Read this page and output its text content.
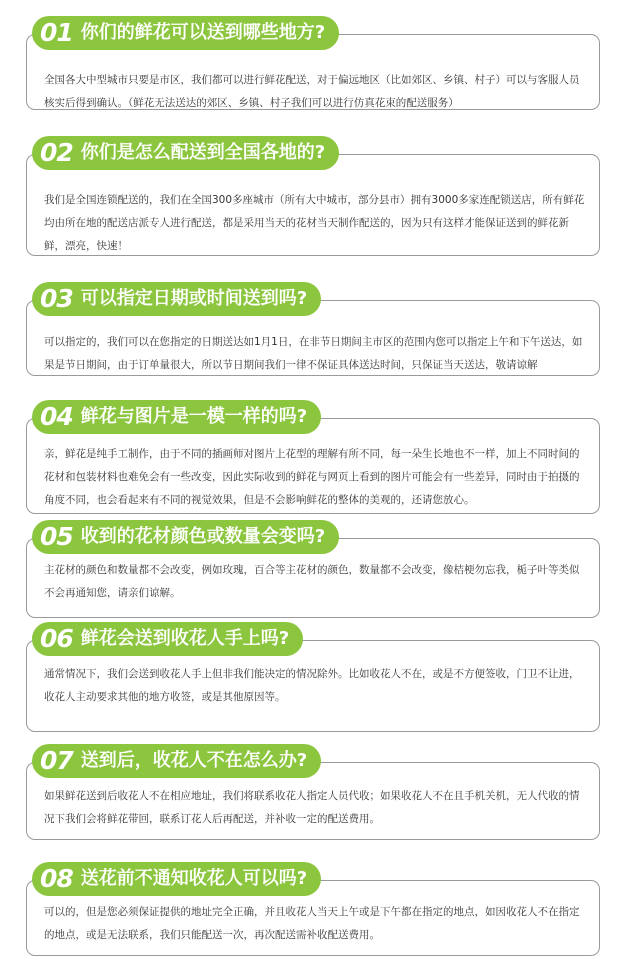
01 你们的鲜花可以送到哪些地方?

全国各大中型城市只要是市区，我们都可以进行鲜花配送，对于偏远地区（比如郊区、乡镇、村子）可以与客服人员核实后得到确认。（鲜花无法送达的郊区、乡镇、村子我们可以进行仿真花束的配送服务）

02 你们是怎么配送到全国各地的?

我们是全国连锁配送的，我们在全国300多座城市（所有大中城市，部分县市）拥有3000多家连配锁送店，所有鲜花均由所在地的配送店派专人进行配送，都是采用当天的花材当天制作配送的，因为只有这样才能保证送到的鲜花新鲜，漂亮，快速！

03 可以指定日期或时间送到吗?

可以指定的，我们可以在您指定的日期送达如1月1日，在非节日期间主市区的范围内您可以指定上午和下午送达，如果是节日期间，由于订单量很大，所以节日期间我们一律不保证具体送达时间，只保证当天送达，敬请谅解

04 鲜花与图片是一模一样的吗?

亲，鲜花是纯手工制作，由于不同的插画师对图片上花型的理解有所不同，每一朵生长地也不一样，加上不同时间的花材和包装材料也难免会有一些改变，因此实际收到的鲜花与网页上看到的图片可能会有一些差异，同时由于拍摄的角度不同，也会看起来有不同的视觉效果，但是不会影响鲜花的整体的美观的，还请您放心。

05 收到的花材颜色或数量会变吗?

主花材的颜色和数量都不会改变，例如玫瑰，百合等主花材的颜色，数量都不会改变，像桔梗勿忘我，栀子叶等类似不会再通知您，请亲们谅解。

06 鲜花会送到收花人手上吗?

通常情况下，我们会送到收花人手上但非我们能决定的情况除外。比如收花人不在，或是不方便签收，门卫不让进，收花人主动要求其他的地方收签，或是其他原因等。

07 送到后，收花人不在怎么办?

如果鲜花送到后收花人不在相应地址，我们将联系收花人指定人员代收；如果收花人不在且手机关机，无人代收的情况下我们会将鲜花带回，联系订花人后再配送，并补收一定的配送费用。

08 送花前不通知收花人可以吗?

可以的，但是您必须保证提供的地址完全正确，并且收花人当天上午或是下午都在指定的地点，如因收花人不在指定的地点，或是无法联系，我们只能配送一次，再次配送需补收配送费用。
